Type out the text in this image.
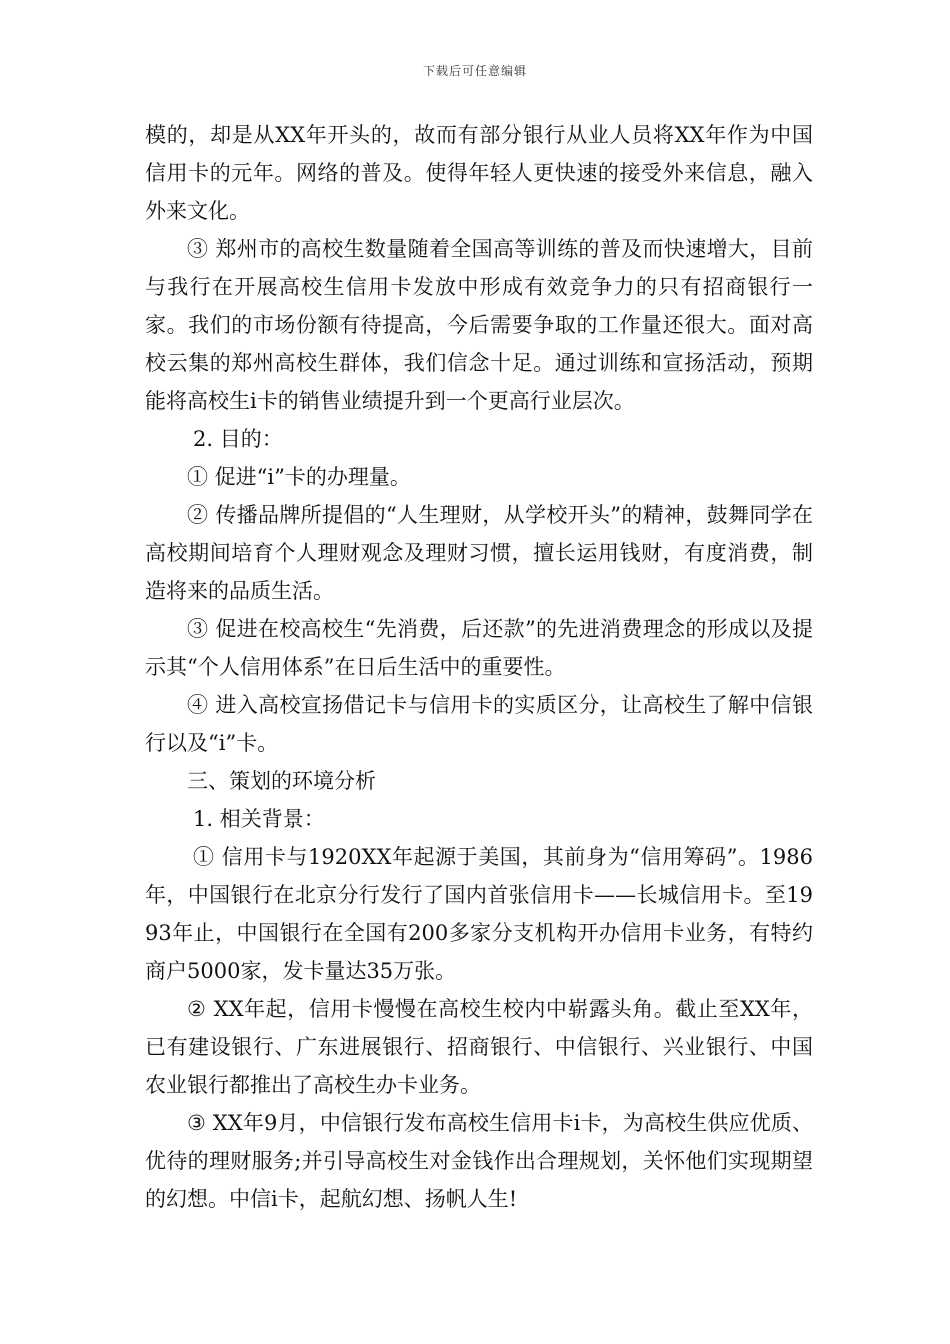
下载后可任意编辑

模的，却是从XX年开头的，故而有部分银行从业人员将XX年作为中国信用卡的元年。网络的普及。使得年轻人更快速的接受外来信息，融入外来文化。

③ 郑州市的高校生数量随着全国高等训练的普及而快速增大，目前与我行在开展高校生信用卡发放中形成有效竞争力的只有招商银行一家。我们的市场份额有待提高，今后需要争取的工作量还很大。面对高校云集的郑州高校生群体，我们信念十足。通过训练和宣扬活动，预期能将高校生i卡的销售业绩提升到一个更高行业层次。

2. 目的：

① 促进“i”卡的办理量。

② 传播品牌所提倡的“人生理财，从学校开头”的精神，鼓舞同学在高校期间培育个人理财观念及理财习惯，擅长运用钱财，有度消费，制造将来的品质生活。

③ 促进在校高校生“先消费，后还款”的先进消费理念的形成以及提示其“个人信用体系”在日后生活中的重要性。

④ 进入高校宣扬借记卡与信用卡的实质区分，让高校生了解中信银行以及“i”卡。

三、策划的环境分析

1. 相关背景：

① 信用卡与1920XX年起源于美国，其前身为“信用筹码”。1986年，中国银行在北京分行发行了国内首张信用卡——长城信用卡。至1993年止，中国银行在全国有200多家分支机构开办信用卡业务，有特约商户5000家，发卡量达35万张。

② XX年起，信用卡慢慢在高校生校内中崭露头角。截止至XX年，已有建设银行、广东进展银行、招商银行、中信银行、兴业银行、中国农业银行都推出了高校生办卡业务。

③ XX年9月，中信银行发布高校生信用卡i卡，为高校生供应优质、优待的理财服务;并引导高校生对金钱作出合理规划，关怀他们实现期望的幻想。中信i卡，起航幻想、扬帆人生!
